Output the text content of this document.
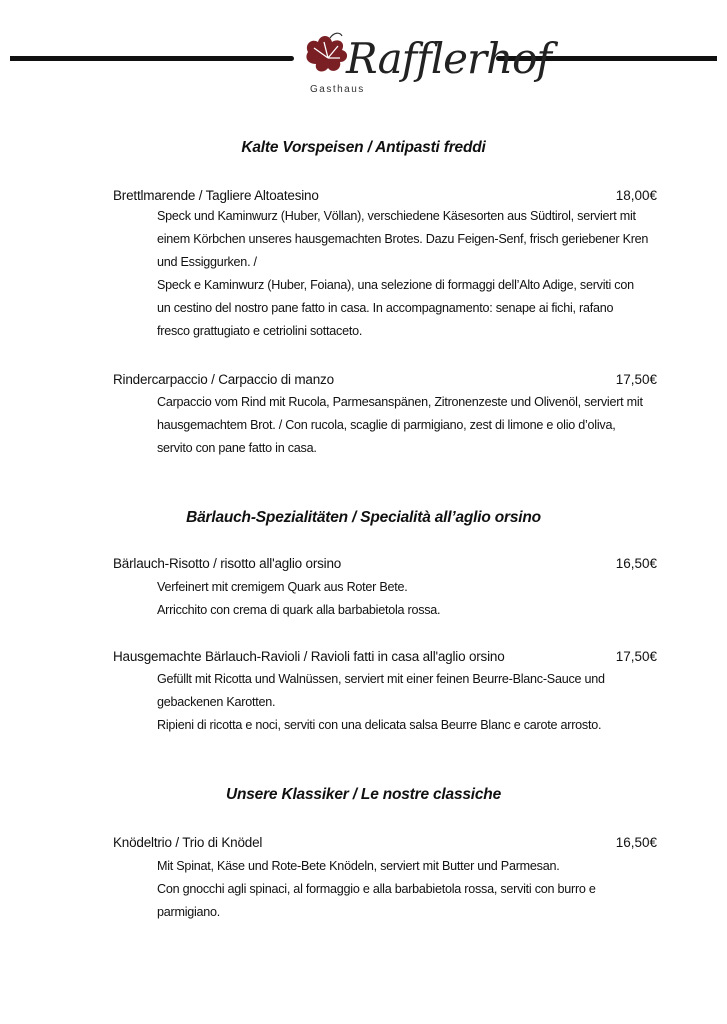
Rafflerhof
Gasthaus
Kalte Vorspeisen / Antipasti freddi
Brettlmarende / Tagliere Altoatesino	18,00€
Speck und Kaminwurz (Huber, Völlan), verschiedene Käsesorten aus Südtirol, serviert mit
einem Körbchen unseres hausgemachten Brotes. Dazu Feigen-Senf, frisch geriebener Kren
und Essiggurken. /
Speck e Kaminwurz (Huber, Foiana), una selezione di formaggi dell’Alto Adige, serviti con
un cestino del nostro pane fatto in casa. In accompagnamento: senape ai fichi, rafano
fresco grattugiato e cetriolini sottaceto.
Rindercarpaccio / Carpaccio di manzo	17,50€
Carpaccio vom Rind mit Rucola, Parmesanspänen, Zitronenzeste und Olivenöl, serviert mit
hausgemachtem Brot. / Con rucola, scaglie di parmigiano, zest di limone e olio d’oliva,
servito con pane fatto in casa.
Bärlauch-Spezialitäten / Specialità all’aglio orsino
Bärlauch-Risotto / risotto all'aglio orsino	16,50€
Verfeinert mit cremigem Quark aus Roter Bete.
Arricchito con crema di quark alla barbabietola rossa.
Hausgemachte Bärlauch-Ravioli / Ravioli fatti in casa all'aglio orsino	17,50€
Gefüllt mit Ricotta und Walnüssen, serviert mit einer feinen Beurre-Blanc-Sauce und
gebackenen Karotten.
Ripieni di ricotta e noci, serviti con una delicata salsa Beurre Blanc e carote arrosto.
Unsere Klassiker / Le nostre classiche
Knödeltrio / Trio di Knödel	16,50€
Mit Spinat, Käse und Rote-Bete Knödeln, serviert mit Butter und Parmesan.
Con gnocchi agli spinaci, al formaggio e alla barbabietola rossa, serviti con burro e
parmigiano.
